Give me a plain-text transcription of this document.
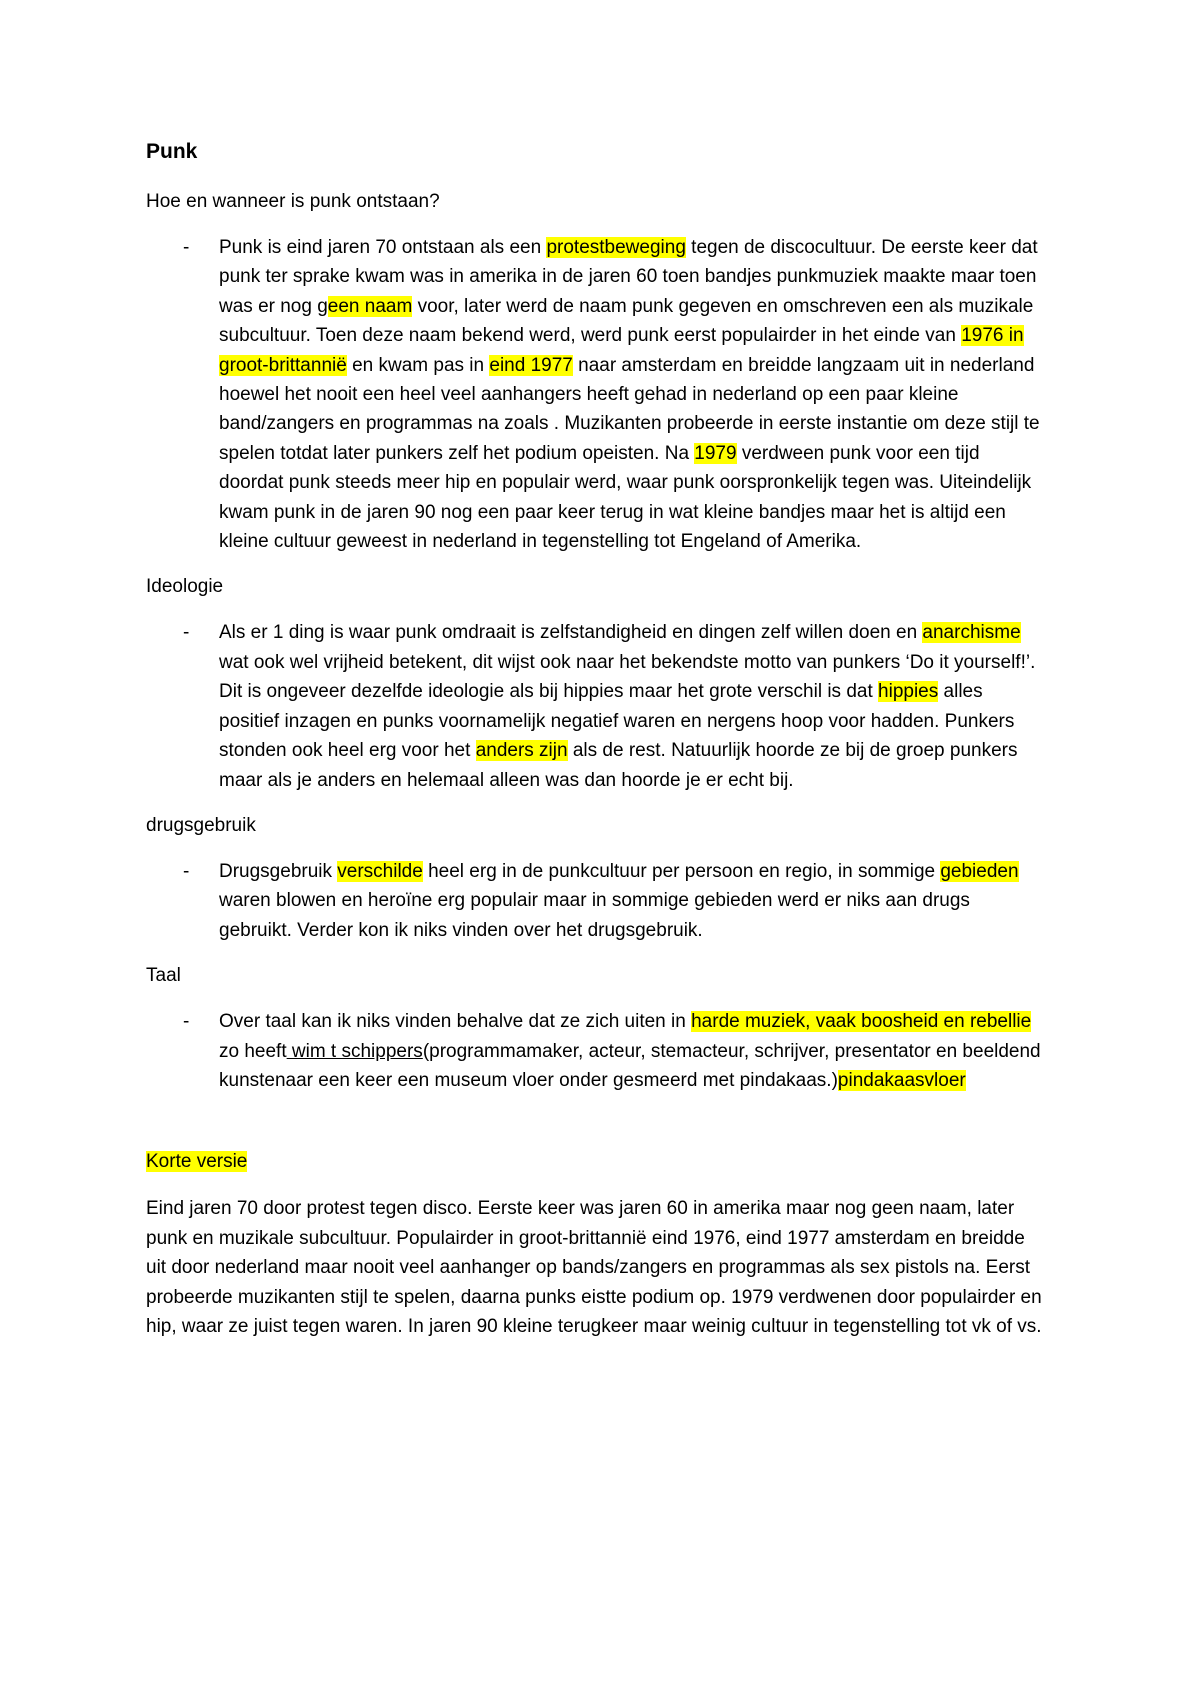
Punk
Hoe en wanneer is punk ontstaan?
- Punk is eind jaren 70 ontstaan als een protestbeweging tegen de discocultuur. De eerste keer dat punk ter sprake kwam was in amerika in de jaren 60 toen bandjes punkmuziek maakte maar toen was er nog geen naam voor, later werd de naam punk gegeven en omschreven een als muzikale subcultuur. Toen deze naam bekend werd, werd punk eerst populairder in het einde van 1976 in groot-brittannië en kwam pas in eind 1977 naar amsterdam en breidde langzaam uit in nederland hoewel het nooit een heel veel aanhangers heeft gehad in nederland op een paar kleine band/zangers en programmas na zoals . Muzikanten probeerde in eerste instantie om deze stijl te spelen totdat later punkers zelf het podium opeisten. Na 1979 verdween punk voor een tijd doordat punk steeds meer hip en populair werd, waar punk oorspronkelijk tegen was. Uiteindelijk kwam punk in de jaren 90 nog een paar keer terug in wat kleine bandjes maar het is altijd een kleine cultuur geweest in nederland in tegenstelling tot Engeland of Amerika.

Ideologie
- Als er 1 ding is waar punk omdraait is zelfstandigheid en dingen zelf willen doen en anarchisme wat ook wel vrijheid betekent, dit wijst ook naar het bekendste motto van punkers ‘Do it yourself!’. Dit is ongeveer dezelfde ideologie als bij hippies maar het grote verschil is dat hippies alles positief inzagen en punks voornamelijk negatief waren en nergens hoop voor hadden. Punkers stonden ook heel erg voor het anders zijn als de rest. Natuurlijk hoorde ze bij de groep punkers maar als je anders en helemaal alleen was dan hoorde je er echt bij.

drugsgebruik
- Drugsgebruik verschilde heel erg in de punkcultuur per persoon en regio, in sommige gebieden waren blowen en heroïne erg populair maar in sommige gebieden werd er niks aan drugs gebruikt. Verder kon ik niks vinden over het drugsgebruik.

Taal
- Over taal kan ik niks vinden behalve dat ze zich uiten in harde muziek, vaak boosheid en rebellie zo heeft wim t schippers(programmamaker, acteur, stemacteur, schrijver, presentator en beeldend kunstenaar een keer een museum vloer onder gesmeerd met pindakaas.)pindakaasvloer

Korte versie

Eind jaren 70 door protest tegen disco. Eerste keer was jaren 60 in amerika maar nog geen naam, later punk en muzikale subcultuur. Populairder in groot-brittannië eind 1976, eind 1977 amsterdam en breidde uit door nederland maar nooit veel aanhanger op bands/zangers en programmas als sex pistols na. Eerst probeerde muzikanten stijl te spelen, daarna punks eistte podium op. 1979 verdwenen door populairder en hip, waar ze juist tegen waren. In jaren 90 kleine terugkeer maar weinig cultuur in tegenstelling tot vk of vs.
